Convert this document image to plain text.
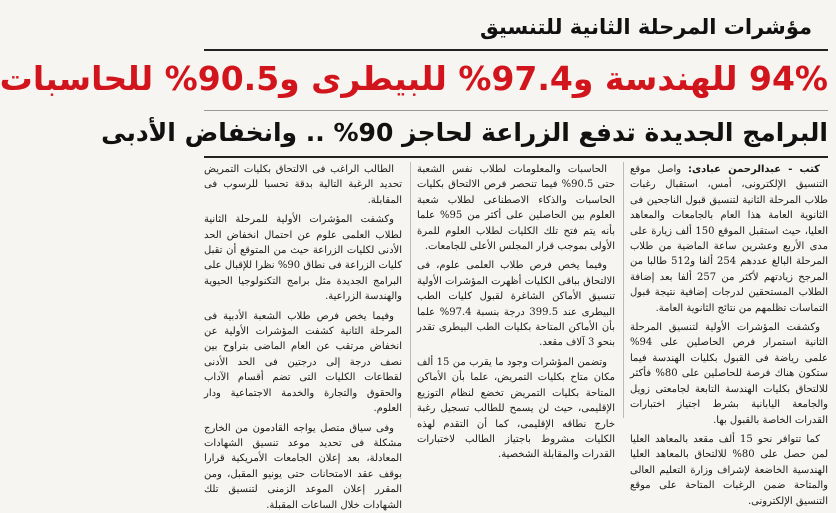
مؤشرات المرحلة الثانية للتنسيق
94% للهندسة و97.4% للبيطرى و90.5% للحاسبات
البرامج الجديدة تدفع الزراعة لحاجز 90% .. وانخفاض الأدبى

كتب - عبدالرحمن عبادى: واصل موقع التنسيق الإلكترونى، أمس، استقبال رغبات طلاب المرحلة الثانية لتنسيق قبول الناجحين فى الثانوية العامة هذا العام بالجامعات والمعاهد العليا، حيث استقبل الموقع 150 ألف زيارة على مدى الأربع وعشرين ساعة الماضية من طلاب المرحلة البالغ عددهم 254 ألفا و512 طالبا من المرجح زيادتهم لأكثر من 257 ألفا بعد إضافة الطلاب المستحقين لدرجات إضافية نتيجة قبول التماسات تظلمهم من نتائج الثانوية العامة.

وكشفت المؤشرات الأولية لتنسيق المرحلة الثانية استمرار فرص الحاصلين على 94% علمى رياضة فى القبول بكليات الهندسة فيما ستكون هناك فرصة للحاصلين على 80% فأكثر للالتحاق بكليات الهندسة التابعة لجامعتى زويل والجامعة اليابانية بشرط اجتياز اختبارات القدرات الخاصة بالقبول بها.

كما تتوافر نحو 15 ألف مقعد بالمعاهد العليا لمن حصل على 80% للالتحاق بالمعاهد العليا الهندسية الخاضعة لإشراف وزارة التعليم العالى والمتاحة ضمن الرغبات المتاحة على موقع التنسيق الإلكترونى.

الحاسبات والمعلومات لطلاب نفس الشعبة حتى 90.5% فيما تنحصر فرص الالتحاق بكليات الحاسبات والذكاء الاصطناعى لطلاب شعبة العلوم بين الحاصلين على أكثر من 95% علما بأنه يتم فتح تلك الكليات لطلاب العلوم للمرة الأولى بموجب قرار المجلس الأعلى للجامعات.

وفيما يخص فرص طلاب العلمى علوم، فى الالتحاق بباقى الكليات أظهرت المؤشرات الأولية تنسيق الأماكن الشاغرة لقبول كليات الطب البيطرى عند 399.5 درجة بنسبة 97.4% علما بأن الأماكن المتاحة بكليات الطب البيطرى تقدر بنحو 3 آلاف مقعد.

وتضمن المؤشرات وجود ما يقرب من 15 ألف مكان متاح بكليات التمريض، علما بأن الأماكن المتاحة بكليات التمريض تخضع لنظام التوزيع الإقليمى، حيث لن يسمح للطالب تسجيل رغبة خارج نطاقه الإقليمى، كما أن التقدم لهذه الكليات مشروط باجتياز الطالب لاختبارات القدرات والمقابلة الشخصية.

الطالب الراغب فى الالتحاق بكليات التمريض تحديد الرغبة التالية بدقة تحسبا للرسوب فى المقابلة.

وكشفت المؤشرات الأولية للمرحلة الثانية لطلاب العلمى علوم عن احتمال انخفاض الحد الأدنى لكليات الزراعة حيث من المتوقع أن تقبل كليات الزراعة فى نطاق 90% نظرا للإقبال على البرامج الجديدة مثل برامج التكنولوجيا الحيوية والهندسة الزراعية.

وفيما يخص فرص طلاب الشعبة الأدبية فى المرحلة الثانية كشفت المؤشرات الأولية عن انخفاض مرتقب عن العام الماضى بتراوح بين نصف درجة إلى درجتين فى الحد الأدنى لقطاعات الكليات التى تضم أقسام الآداب والحقوق والتجارة والخدمة الاجتماعية ودار العلوم.

وفى سياق متصل يواجه القادمون من الخارج مشكلة فى تحديد موعد تنسيق الشهادات المعادلة، بعد إعلان الجامعات الأمريكية قرارا بوقف عقد الامتحانات حتى يونيو المقبل، ومن المقرر إعلان الموعد الزمنى لتنسيق تلك الشهادات خلال الساعات المقبلة.
